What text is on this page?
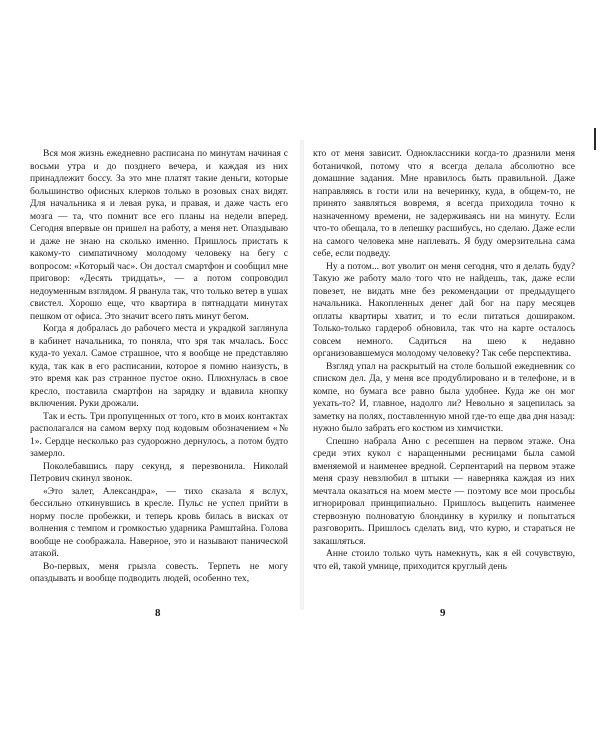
Вся моя жизнь ежедневно расписана по минутам начиная с восьми утра и до позднего вечера, и каждая из них принадлежит боссу. За это мне платят такие деньги, которые большинство офисных клерков только в розовых снах видят. Для начальника я и левая рука, и правая, и даже часть его мозга — та, что помнит все его планы на недели вперед. Сегодня впервые он пришел на работу, а меня нет. Опаздываю и даже не знаю на сколько именно. Пришлось пристать к какому-то симпатичному молодому человеку на бегу с вопросом: «Который час». Он достал смартфон и сообщил мне приговор: «Десять тридцать», — а потом сопроводил недоуменным взглядом. Я рванула так, что только ветер в ушах свистел. Хорошо еще, что квартира в пятнадцати минутах пешком от офиса. Это значит всего пять минут бегом.

Когда я добралась до рабочего места и украдкой заглянула в кабинет начальника, то поняла, что зря так мчалась. Босс куда-то уехал. Самое страшное, что я вообще не представляю куда, так как в его расписании, которое я помню наизусть, в это время как раз странное пустое окно. Плюхнулась в свое кресло, поставила смартфон на зарядку и вдавила кнопку включения. Руки дрожали.

Так и есть. Три пропущенных от того, кто в моих контактах располагался на самом верху под кодовым обозначением «№ 1». Сердце несколько раз судорожно дернулось, а потом будто замерло.

Поколебавшись пару секунд, я перезвонила. Николай Петрович скинул звонок.

«Это залет, Александра», — тихо сказала я вслух, бессильно откинувшись в кресле. Пульс не успел прийти в норму после пробежки, и теперь кровь билась в висках от волнения с темпом и громкостью ударника Рамштайна. Голова вообще не соображала. Наверное, это и называют панической атакой.

Во-первых, меня грызла совесть. Терпеть не могу опаздывать и вообще подводить людей, особенно тех,

8

кто от меня зависит. Одноклассники когда-то дразнили меня ботаничкой, потому что я всегда делала абсолютно все домашние задания. Мне нравилось быть правильной. Даже направляясь в гости или на вечеринку, куда, в общем-то, не принято заявляться вовремя, я всегда приходила точно к назначенному времени, не задерживаясь ни на минуту. Если что-то обещала, то в лепешку расшибусь, но сделаю. Даже если на самого человека мне наплевать. Я буду омерзительна сама себе, если подведу.

Ну а потом... вот уволит он меня сегодня, что я делать буду? Такую же работу мало того что не найдешь, так, даже если повезет, не видать мне без рекомендации от предыдущего начальника. Накопленных денег дай бог на пару месяцев оплаты квартиры хватит, и то если питаться дошираком. Только-только гардероб обновила, так что на карте осталось совсем немного. Садиться на шею к недавно организовавшемуся молодому человеку? Так себе перспектива.

Взгляд упал на раскрытый на столе большой ежедневник со списком дел. Да, у меня все продублировано и в телефоне, и в компе, но бумага все равно была удобнее. Куда же он мог уехать-то? И, главное, надолго ли? Невольно я зацепилась за заметку на полях, поставленную мной где-то еще два дня назад: нужно было забрать его костюм из химчистки.

Спешно набрала Аню с ресепшен на первом этаже. Она среди этих кукол с наращенными ресницами была самой вменяемой и наименее вредной. Серпентарий на первом этаже меня сразу невзлюбил в штыки — наверняка каждая из них мечтала оказаться на моем месте — поэтому все мои просьбы игнорировал принципиально. Пришлось выцепить наименее стервозную полноватую блондинку в курилку и попытаться разговорить. Пришлось сделать вид, что курю, и стараться не закашляться.

Анне стоило только чуть намекнуть, как я ей сочувствую, что ей, такой умнице, приходится круглый день

9
